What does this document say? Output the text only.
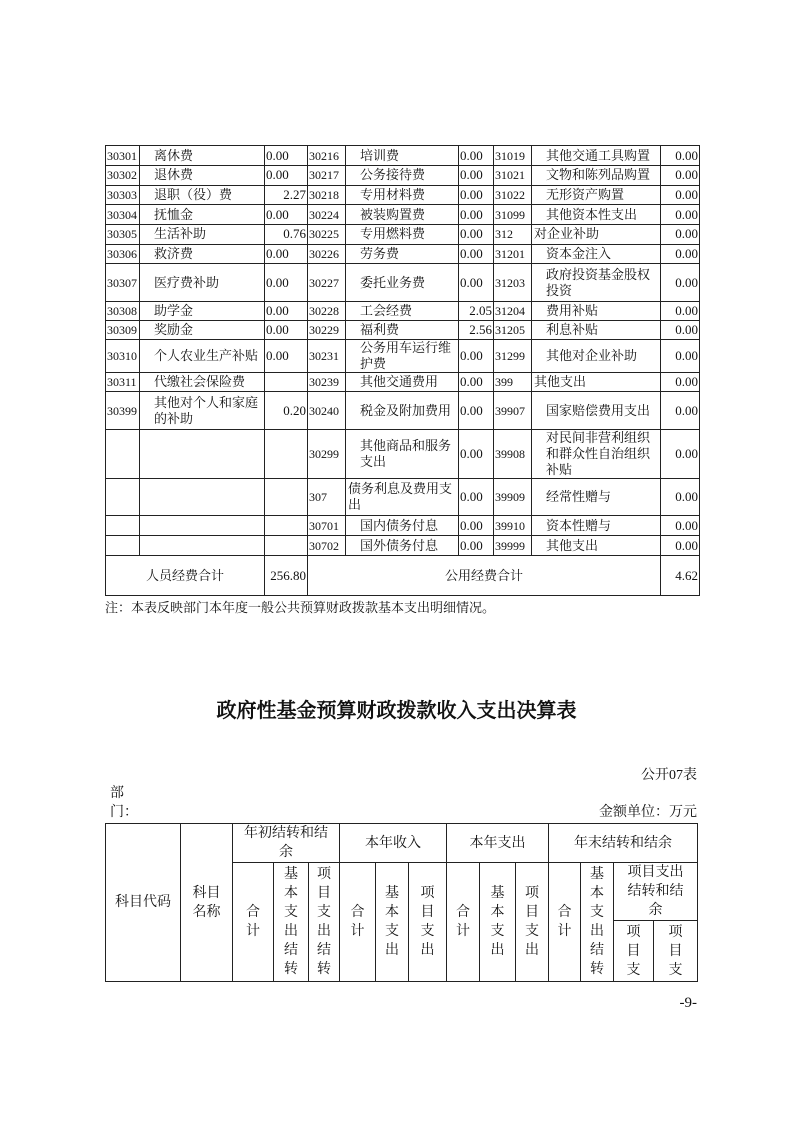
30301	离休费	0.00	30216	培训费	0.00	31019	其他交通工具购置	0.00
30302	退休费	0.00	30217	公务接待费	0.00	31021	文物和陈列品购置	0.00
30303	退职（役）费	2.27	30218	专用材料费	0.00	31022	无形资产购置	0.00
30304	抚恤金	0.00	30224	被装购置费	0.00	31099	其他资本性支出	0.00
30305	生活补助	0.76	30225	专用燃料费	0.00	312	对企业补助	0.00
30306	救济费	0.00	30226	劳务费	0.00	31201	资本金注入	0.00
30307	医疗费补助	0.00	30227	委托业务费	0.00	31203	政府投资基金股权投资	0.00
30308	助学金	0.00	30228	工会经费	2.05	31204	费用补贴	0.00
30309	奖励金	0.00	30229	福利费	2.56	31205	利息补贴	0.00
30310	个人农业生产补贴	0.00	30231	公务用车运行维护费	0.00	31299	其他对企业补助	0.00
30311	代缴社会保险费		30239	其他交通费用	0.00	399	其他支出	0.00
30399	其他对个人和家庭的补助	0.20	30240	税金及附加费用	0.00	39907	国家赔偿费用支出	0.00
			30299	其他商品和服务支出	0.00	39908	对民间非营利组织和群众性自治组织补贴	0.00
			307	债务利息及费用支出	0.00	39909	经常性赠与	0.00
			30701	国内债务付息	0.00	39910	资本性赠与	0.00
			30702	国外债务付息	0.00	39999	其他支出	0.00
人员经费合计		256.80	公用经费合计					4.62
注：本表反映部门本年度一般公共预算财政拨款基本支出明细情况。
政府性基金预算财政拨款收入支出决算表
公开07表
部
门：	金额单位：万元
科目代码	科目名称	年初结转和结余			本年收入			本年支出			年末结转和结余			
		合计	基本支出结转	项目支出结转	合计	基本支出	项目支出	合计	基本支出	项目支出	合计	基本支出结转	项目支出结转和结余	
													项目支	项目支
-9-
